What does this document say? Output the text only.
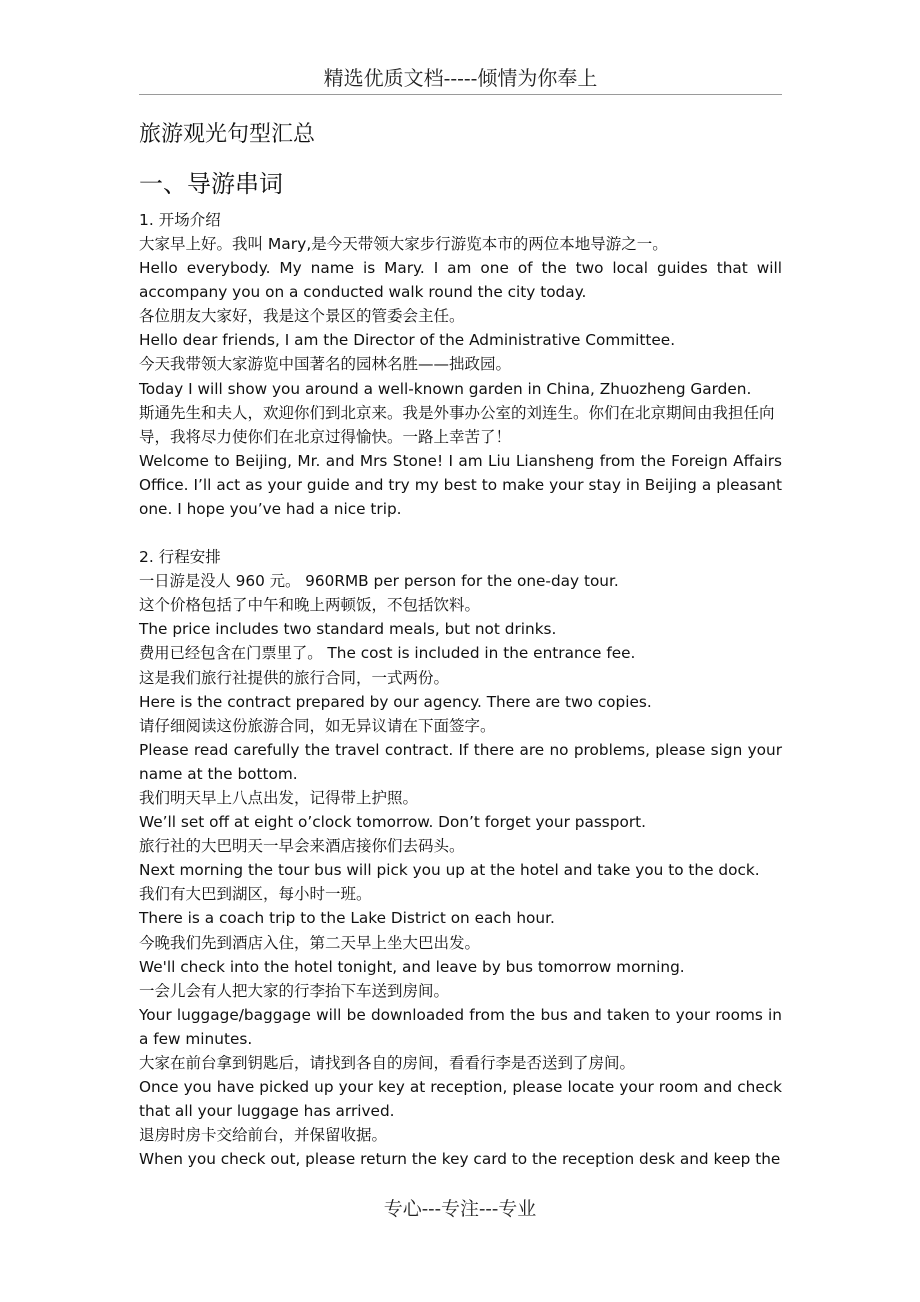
精选优质文档-----倾情为你奉上
旅游观光句型汇总
一、导游串词
1. 开场介绍
大家早上好。我叫 Mary,是今天带领大家步行游览本市的两位本地导游之一。
Hello everybody. My name is Mary. I am one of the two local guides that will accompany you on a conducted walk round the city today.
各位朋友大家好，我是这个景区的管委会主任。
Hello dear friends, I am the Director of the Administrative Committee.
今天我带领大家游览中国著名的园林名胜——拙政园。
Today I will show you around a well-known garden in China, Zhuozheng Garden.
斯通先生和夫人，欢迎你们到北京来。我是外事办公室的刘连生。你们在北京期间由我担任向导，我将尽力使你们在北京过得愉快。一路上幸苦了！
Welcome to Beijing, Mr. and Mrs Stone! I am Liu Liansheng from the Foreign Affairs Office. I’ll act as your guide and try my best to make your stay in Beijing a pleasant one. I hope you’ve had a nice trip.
2. 行程安排
一日游是没人 960 元。 960RMB per person for the one-day tour.
这个价格包括了中午和晚上两顿饭，不包括饮料。
The price includes two standard meals, but not drinks.
费用已经包含在门票里了。 The cost is included in the entrance fee.
这是我们旅行社提供的旅行合同，一式两份。
Here is the contract prepared by our agency. There are two copies.
请仔细阅读这份旅游合同，如无异议请在下面签字。
Please read carefully the travel contract. If there are no problems, please sign your name at the bottom.
我们明天早上八点出发，记得带上护照。
We’ll set off at eight o’clock tomorrow. Don’t forget your passport.
旅行社的大巴明天一早会来酒店接你们去码头。
Next morning the tour bus will pick you up at the hotel and take you to the dock.
我们有大巴到湖区，每小时一班。
There is a coach trip to the Lake District on each hour.
今晚我们先到酒店入住，第二天早上坐大巴出发。
We'll check into the hotel tonight, and leave by bus tomorrow morning.
一会儿会有人把大家的行李抬下车送到房间。
Your luggage/baggage will be downloaded from the bus and taken to your rooms in a few minutes.
大家在前台拿到钥匙后，请找到各自的房间，看看行李是否送到了房间。
Once you have picked up your key at reception, please locate your room and check that all your luggage has arrived.
退房时房卡交给前台，并保留收据。
When you check out, please return the key card to the reception desk and keep the
专心---专注---专业
